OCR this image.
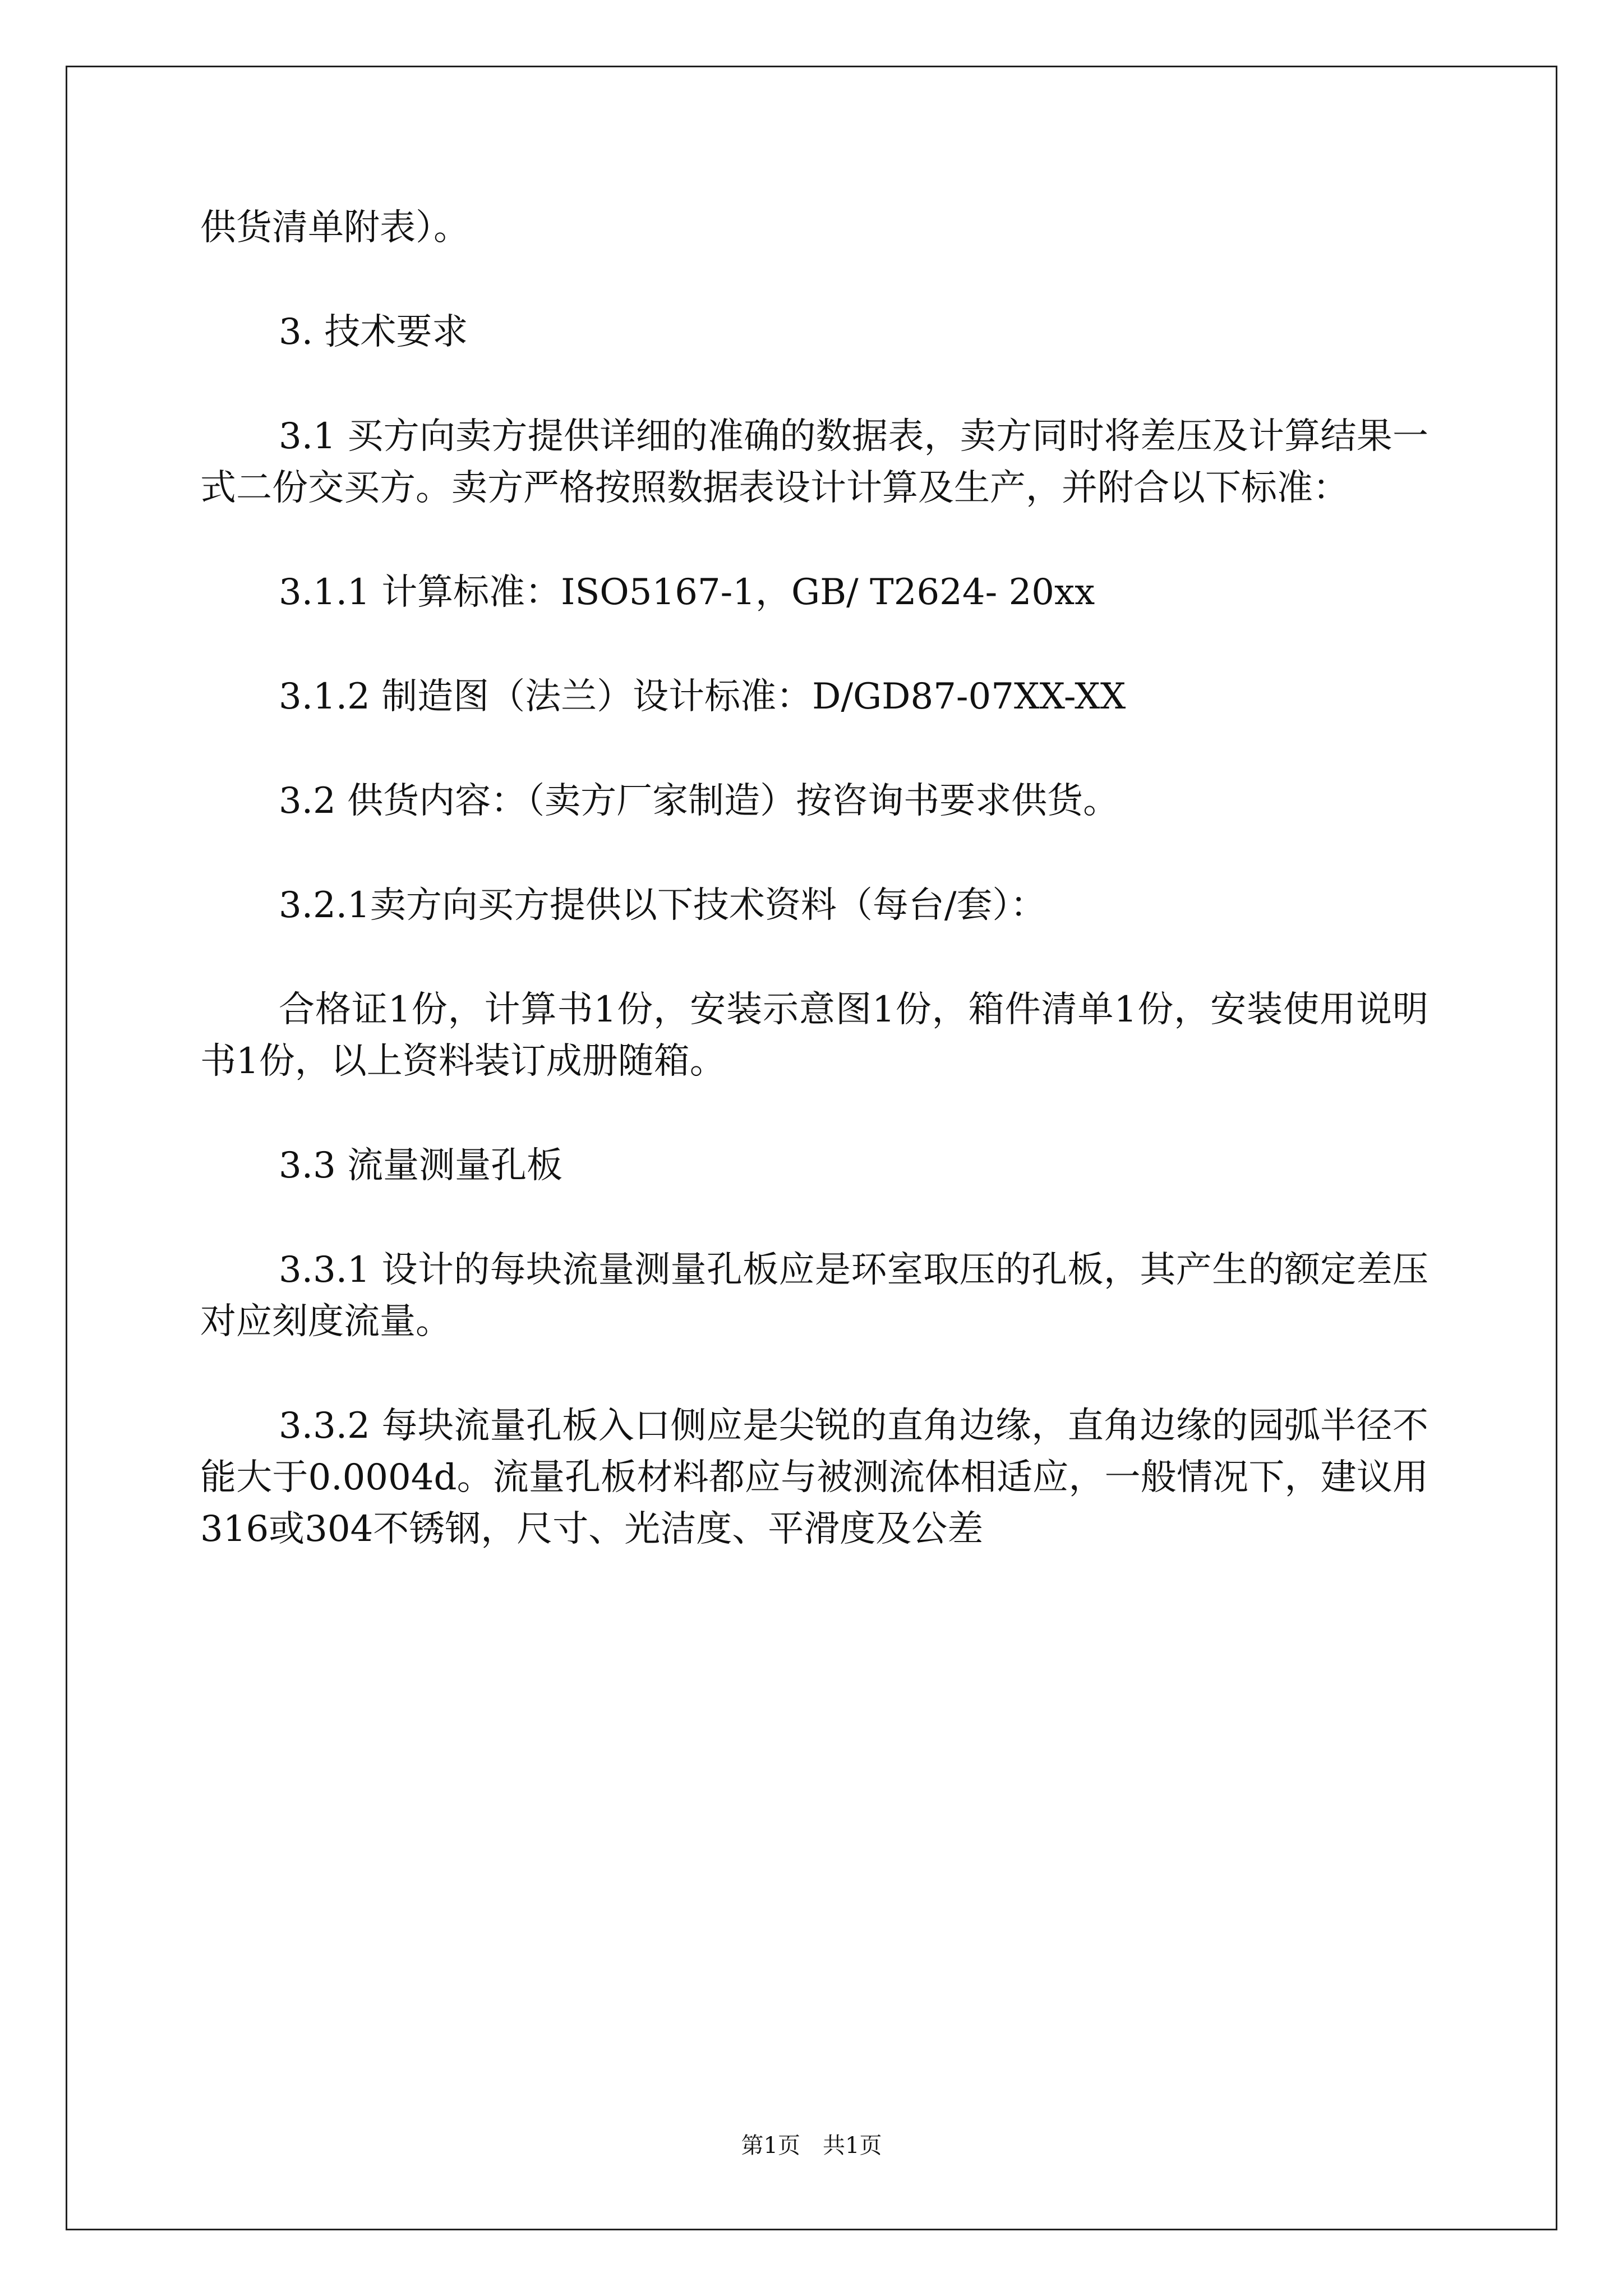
供货清单附表）。

3. 技术要求

3.1 买方向卖方提供详细的准确的数据表，卖方同时将差压及计算结果一式二份交买方。卖方严格按照数据表设计计算及生产，并附合以下标准：

3.1.1 计算标准：ISO5167-1，GB/ T2624- 20xx

3.1.2 制造图（法兰）设计标准：D/GD87-07XX-XX

3.2 供货内容：（卖方厂家制造）按咨询书要求供货。

3.2.1卖方向买方提供以下技术资料（每台/套）：

合格证1份，计算书1份，安装示意图1份，箱件清单1份，安装使用说明书1份，以上资料装订成册随箱。

3.3 流量测量孔板

3.3.1 设计的每块流量测量孔板应是环室取压的孔板，其产生的额定差压对应刻度流量。

3.3.2 每块流量孔板入口侧应是尖锐的直角边缘，直角边缘的园弧半径不能大于0.0004d。流量孔板材料都应与被测流体相适应，一般情况下，建议用316或304不锈钢，尺寸、光洁度、平滑度及公差

第1页　共1页
